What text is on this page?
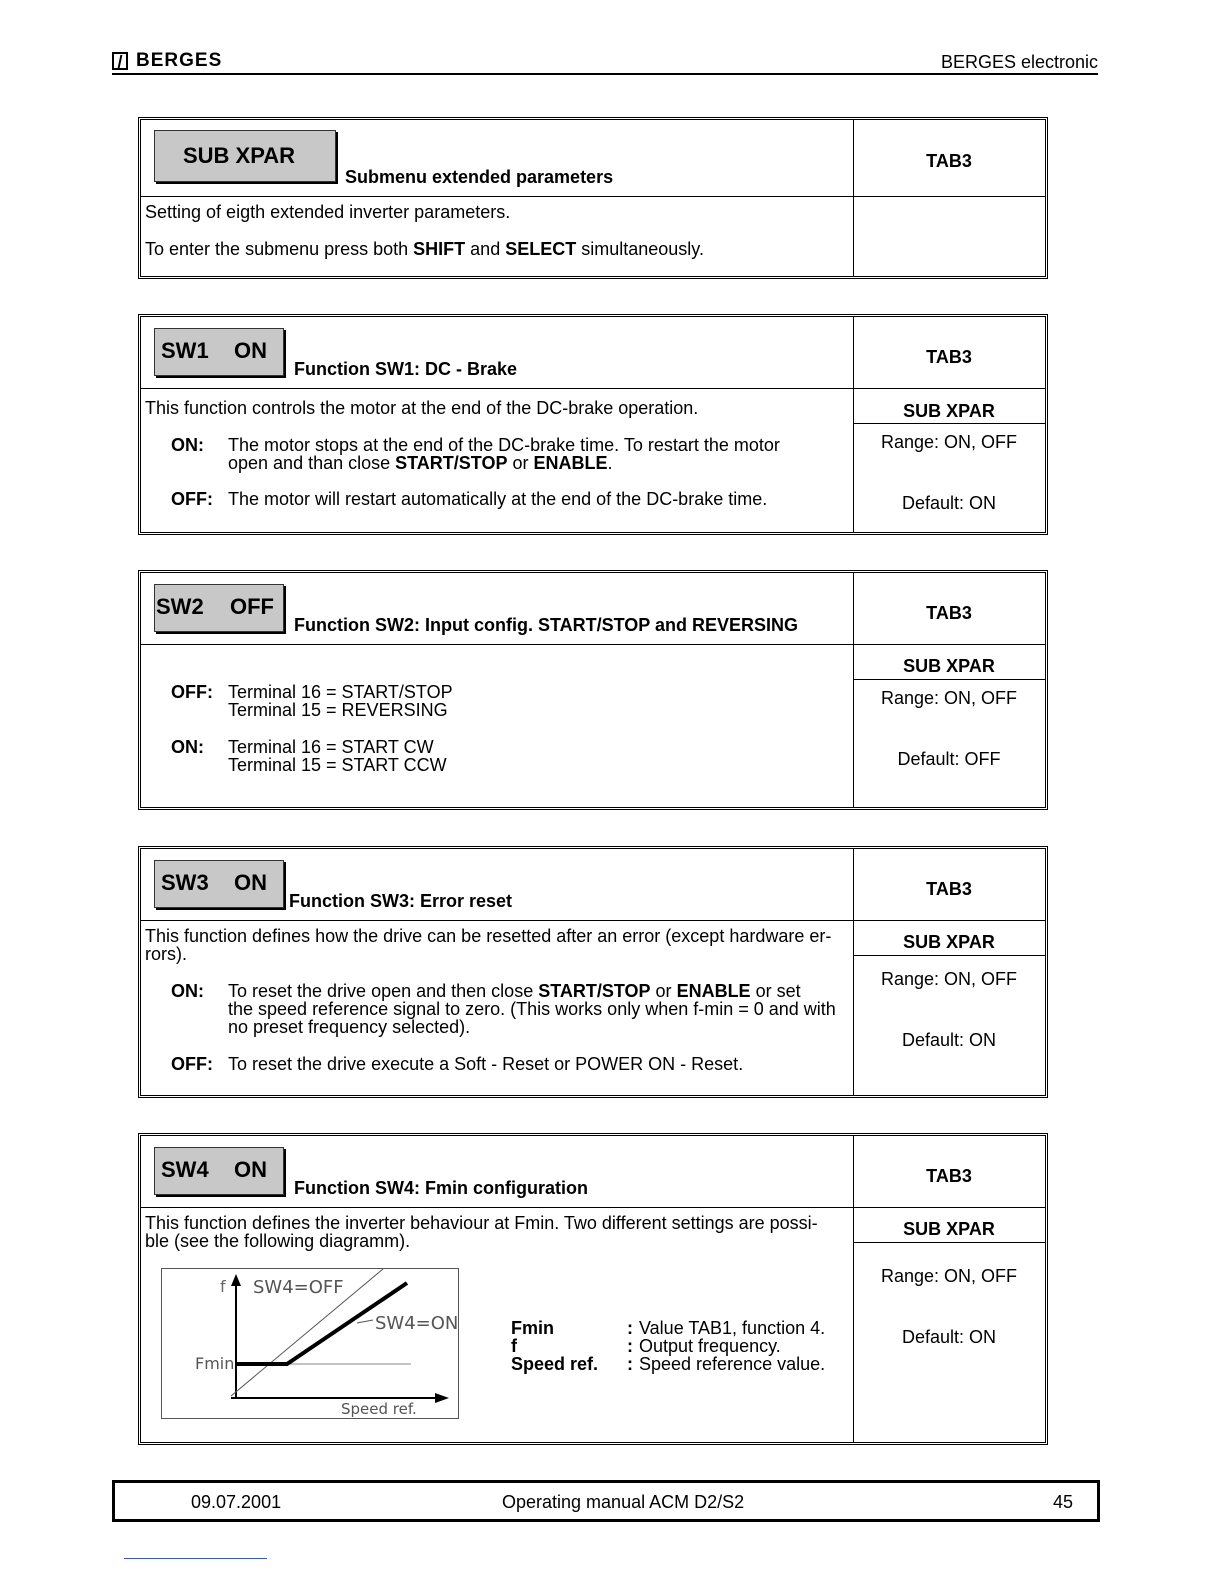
BERGES	BERGES electronic
SUB XPAR
Submenu extended parameters
TAB3
Setting of eigth extended inverter parameters.
To enter the submenu press both SHIFT and SELECT simultaneously.
SW1 ON
Function SW1: DC - Brake
TAB3
SUB XPAR
Range: ON, OFF
Default: ON
This function controls the motor at the end of the DC-brake operation.
ON: The motor stops at the end of the DC-brake time. To restart the motor
open and than close START/STOP or ENABLE.
OFF: The motor will restart automatically at the end of the DC-brake time.
SW2 OFF
Function SW2: Input config. START/STOP and REVERSING
TAB3
SUB XPAR
Range: ON, OFF
Default: OFF
OFF: Terminal 16 = START/STOP
Terminal 15 = REVERSING
ON: Terminal 16 = START CW
Terminal 15 = START CCW
SW3 ON
Function SW3: Error reset
TAB3
SUB XPAR
Range: ON, OFF
Default: ON
This function defines how the drive can be resetted after an error (except hardware er-
rors).
ON: To reset the drive open and then close START/STOP or ENABLE or set
the speed reference signal to zero. (This works only when f-min = 0 and with
no preset frequency selected).
OFF: To reset the drive execute a Soft - Reset or POWER ON - Reset.
SW4 ON
Function SW4: Fmin configuration
TAB3
SUB XPAR
Range: ON, OFF
Default: ON
This function defines the inverter behaviour at Fmin. Two different settings are possi-
ble (see the following diagramm).
f SW4=OFF
SW4=ON
Fmin
Speed ref.
Fmin	: Value TAB1, function 4.
f	: Output frequency.
Speed ref. : Speed reference value.
09.07.2001	Operating manual ACM D2/S2	45
